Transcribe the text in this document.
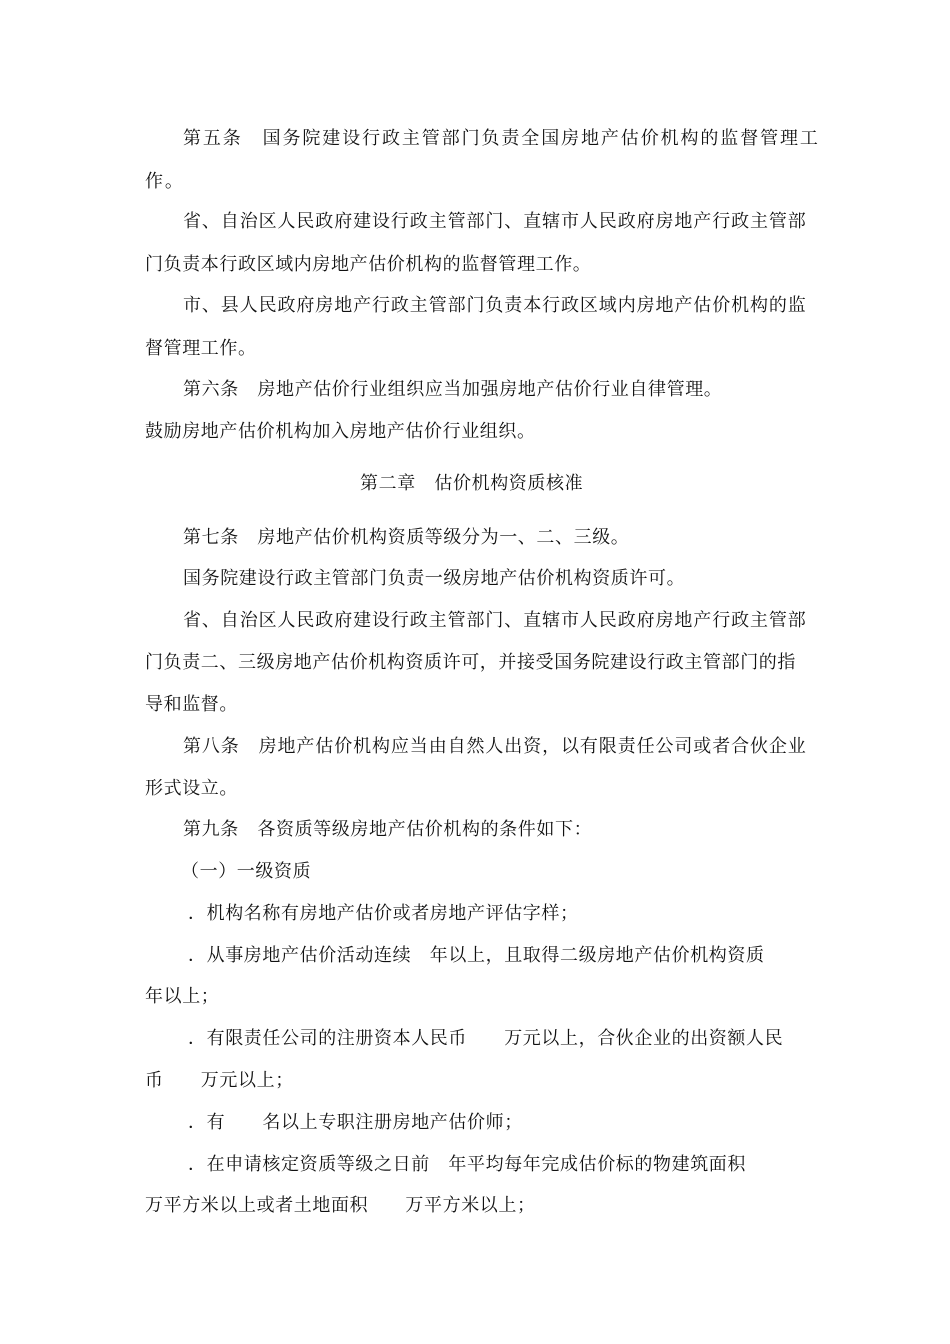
第五条　国务院建设行政主管部门负责全国房地产估价机构的监督管理工

作。

省、自治区人民政府建设行政主管部门、直辖市人民政府房地产行政主管部

门负责本行政区域内房地产估价机构的监督管理工作。

市、县人民政府房地产行政主管部门负责本行政区域内房地产估价机构的监

督管理工作。

第六条　房地产估价行业组织应当加强房地产估价行业自律管理。

鼓励房地产估价机构加入房地产估价行业组织。

第二章　估价机构资质核准

第七条　房地产估价机构资质等级分为一、二、三级。

国务院建设行政主管部门负责一级房地产估价机构资质许可。

省、自治区人民政府建设行政主管部门、直辖市人民政府房地产行政主管部

门负责二、三级房地产估价机构资质许可，并接受国务院建设行政主管部门的指

导和监督。

第八条　房地产估价机构应当由自然人出资，以有限责任公司或者合伙企业

形式设立。

第九条　各资质等级房地产估价机构的条件如下：

（一）一级资质

．机构名称有房地产估价或者房地产评估字样；

．从事房地产估价活动连续　年以上，且取得二级房地产估价机构资质

年以上；

．有限责任公司的注册资本人民币　　万元以上，合伙企业的出资额人民

币　　万元以上；

．有　　名以上专职注册房地产估价师；

．在申请核定资质等级之日前　年平均每年完成估价标的物建筑面积

万平方米以上或者土地面积　　万平方米以上；
